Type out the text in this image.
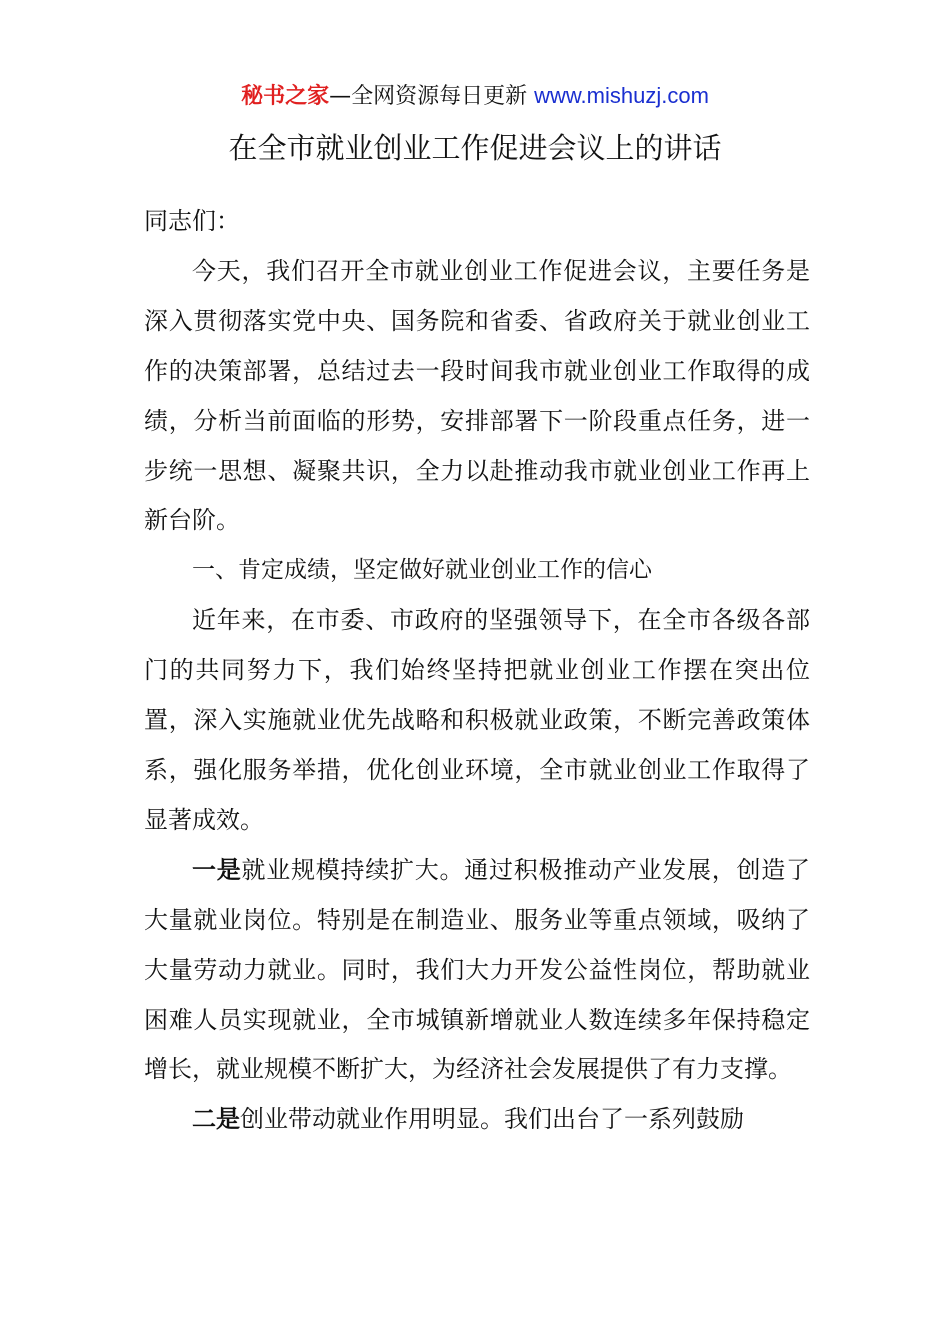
秘书之家—全网资源每日更新 www.mishuzj.com
在全市就业创业工作促进会议上的讲话

同志们：

今天，我们召开全市就业创业工作促进会议，主要任务是深入贯彻落实党中央、国务院和省委、省政府关于就业创业工作的决策部署，总结过去一段时间我市就业创业工作取得的成绩，分析当前面临的形势，安排部署下一阶段重点任务，进一步统一思想、凝聚共识，全力以赴推动我市就业创业工作再上新台阶。

一、肯定成绩，坚定做好就业创业工作的信心

近年来，在市委、市政府的坚强领导下，在全市各级各部门的共同努力下，我们始终坚持把就业创业工作摆在突出位置，深入实施就业优先战略和积极就业政策，不断完善政策体系，强化服务举措，优化创业环境，全市就业创业工作取得了显著成效。

一是就业规模持续扩大。通过积极推动产业发展，创造了大量就业岗位。特别是在制造业、服务业等重点领域，吸纳了大量劳动力就业。同时，我们大力开发公益性岗位，帮助就业困难人员实现就业，全市城镇新增就业人数连续多年保持稳定增长，就业规模不断扩大，为经济社会发展提供了有力支撑。

二是创业带动就业作用明显。我们出台了一系列鼓励
